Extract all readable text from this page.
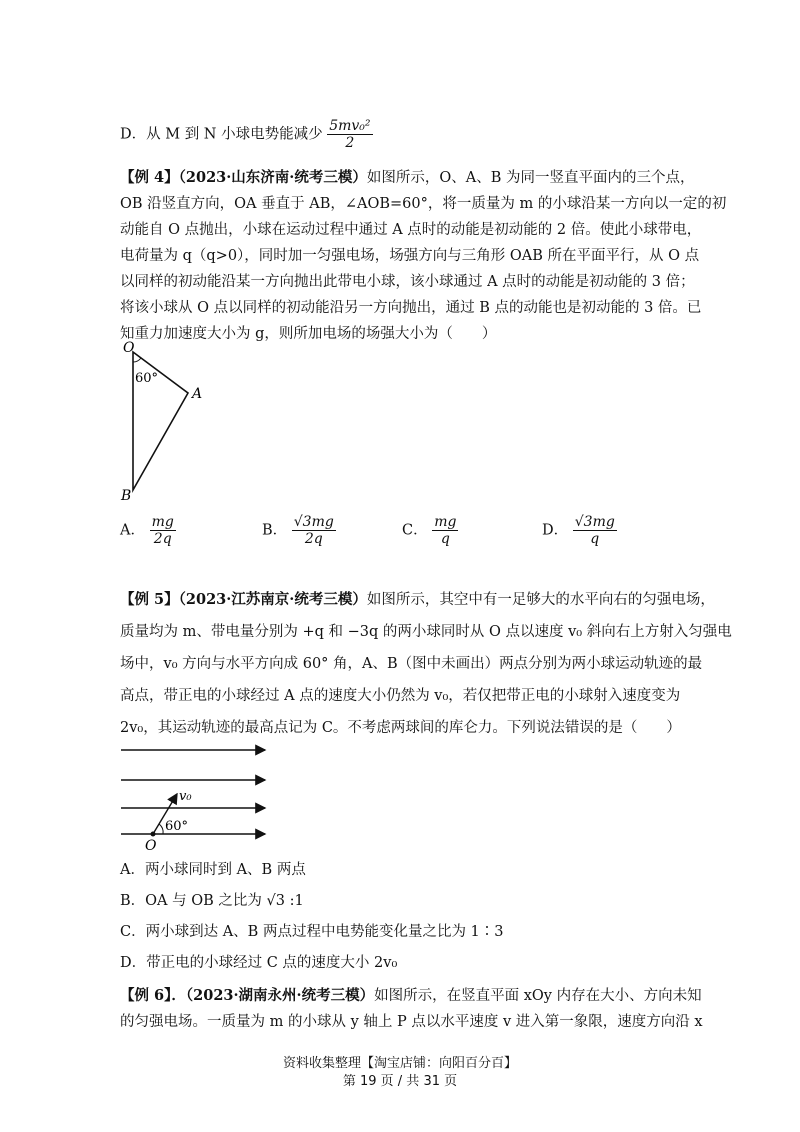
D．从 M 到 N 小球电势能减少 $\frac{\text{5mv₀²}}{2}$
【例 4】（2023·山东济南·统考三模）如图所示，O、A、B 为同一竖直平面内的三个点，
OB 沿竖直方向，OA 垂直于 AB，∠AOB=60°，将一质量为 m 的小球沿某一方向以一定的初
动能自 O 点抛出，小球在运动过程中通过 A 点时的动能是初动能的 2 倍。使此小球带电，
电荷量为 q（q>0），同时加一匀强电场，场强方向与三角形 OAB 所在平面平行，从 O 点
以同样的初动能沿某一方向抛出此带电小球，该小球通过 A 点时的动能是初动能的 3 倍；
将该小球从 O 点以同样的初动能沿另一方向抛出，通过 B 点的动能也是初动能的 3 倍。已
知重力加速度大小为 g，则所加电场的场强大小为（　　）
O
A
B
60°
A． $\frac{mg}{2q}$	B． $\frac{√3mg}{2q}$	C． $\frac{mg}{q}$	D． $\frac{√3mg}{q}$
【例 5】（2023·江苏南京·统考三模）如图所示，其空中有一足够大的水平向右的匀强电场，
质量均为 m、带电量分别为 +q 和 −3q 的两小球同时从 O 点以速度 v₀ 斜向右上方射入匀强电
场中，v₀ 方向与水平方向成 60° 角，A、B（图中未画出）两点分别为两小球运动轨迹的最
高点，带正电的小球经过 A 点的速度大小仍然为 v₀，若仅把带正电的小球射入速度变为
2v₀，其运动轨迹的最高点记为 C。不考虑两球间的库仑力。下列说法错误的是（　　）
v₀
60°
O
A．两小球同时到 A、B 两点
B．OA 与 OB 之比为 √3 :1
C．两小球到达 A、B 两点过程中电势能变化量之比为 1∶3
D．带正电的小球经过 C 点的速度大小 2v₀
【例 6】．（2023·湖南永州·统考三模）如图所示，在竖直平面 xOy 内存在大小、方向未知
的匀强电场。一质量为 m 的小球从 y 轴上 P 点以水平速度 v 进入第一象限，速度方向沿 x
资料收集整理【淘宝店铺：向阳百分百】
第 19 页 / 共 31 页
